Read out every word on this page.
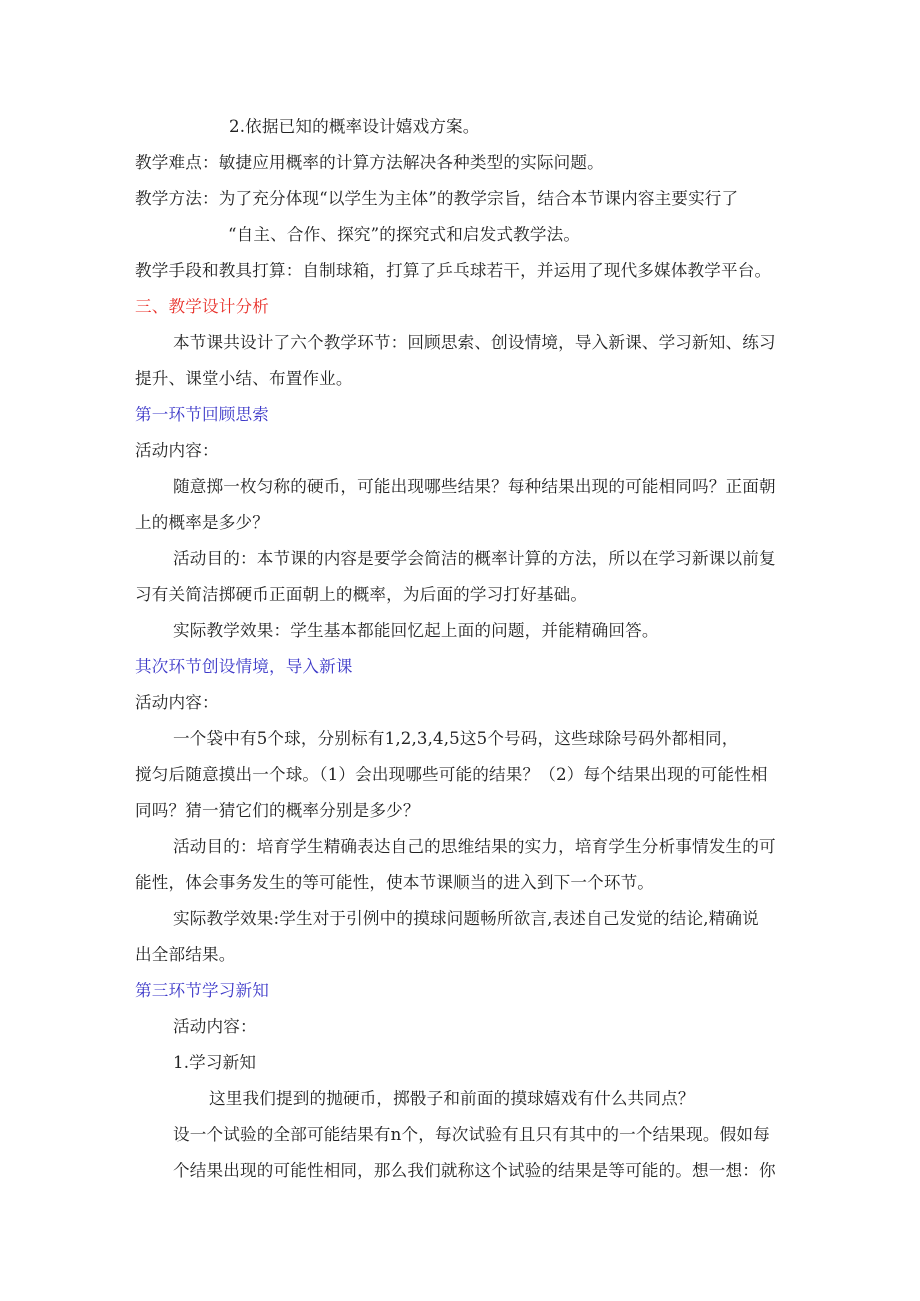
2.依据已知的概率设计嬉戏方案。

教学难点：敏捷应用概率的计算方法解决各种类型的实际问题。

教学方法：为了充分体现“以学生为主体”的教学宗旨，结合本节课内容主要实行了

“自主、合作、探究”的探究式和启发式教学法。

教学手段和教具打算：自制球箱，打算了乒乓球若干，并运用了现代多媒体教学平台。

三、教学设计分析

本节课共设计了六个教学环节：回顾思索、创设情境，导入新课、学习新知、练习

提升、课堂小结、布置作业。

第一环节回顾思索

活动内容：

随意掷一枚匀称的硬币，可能出现哪些结果？每种结果出现的可能相同吗？正面朝

上的概率是多少？

活动目的：本节课的内容是要学会简洁的概率计算的方法，所以在学习新课以前复

习有关简洁掷硬币正面朝上的概率，为后面的学习打好基础。

实际教学效果：学生基本都能回忆起上面的问题，并能精确回答。

其次环节创设情境，导入新课

活动内容：

一个袋中有5个球，分别标有1,2,3,4,5这5个号码，这些球除号码外都相同，

搅匀后随意摸出一个球。（1）会出现哪些可能的结果？（2）每个结果出现的可能性相

同吗？猜一猜它们的概率分别是多少？

活动目的：培育学生精确表达自己的思维结果的实力，培育学生分析事情发生的可

能性，体会事务发生的等可能性，使本节课顺当的进入到下一个环节。

实际教学效果:学生对于引例中的摸球问题畅所欲言,表述自己发觉的结论,精确说

出全部结果。

第三环节学习新知

活动内容：

1.学习新知

这里我们提到的抛硬币，掷骰子和前面的摸球嬉戏有什么共同点？

设一个试验的全部可能结果有n个，每次试验有且只有其中的一个结果现。假如每

个结果出现的可能性相同，那么我们就称这个试验的结果是等可能的。想一想：你
